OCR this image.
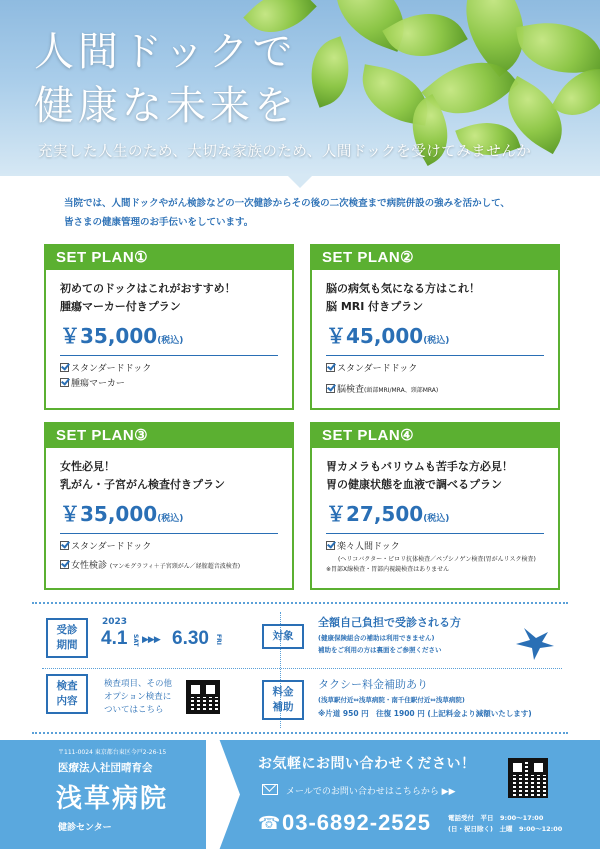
人間ドックで
健康な未来を
充実した人生のため、大切な家族のため、人間ドックを受けてみませんか
当院では、人間ドックやがん検診などの一次健診からその後の二次検査まで病院併設の強みを活かして、
皆さまの健康管理のお手伝いをしています。
SET PLAN①
初めてのドックはこれがおすすめ！
腫瘍マーカー付きプラン
￥35,000(税込)
スタンダードドック
腫瘍マーカー
SET PLAN②
脳の病気も気になる方はこれ！
脳 MRI 付きプラン
￥45,000(税込)
スタンダードドック
脳検査(頭部MRI/MRA、頸部MRA)
SET PLAN③
女性必見！
乳がん・子宮がん検査付きプラン
￥35,000(税込)
スタンダードドック
女性検診 (マンモグラフィ＋子宮頸がん／経膣超音波検査)
SET PLAN④
胃カメラもバリウムも苦手な方必見！
胃の健康状態を血液で調べるプラン
￥27,500(税込)
楽々人間ドック
(ヘリコバクター・ピロリ抗体検査／ペプシノゲン検査(胃がんリスク検査)
※胃部X線検査・胃部内視鏡検査はありません
受診
期間
2023
4.1 SAT ▶▶▶ 6.30 FRI	対象
全額自己負担で受診される方
(健康保険組合の補助は利用できません)
補助をご利用の方は裏面をご参照ください
検査
内容
検査項目、その他
オプション検査に
ついてはこちら
料金
補助
タクシー料金補助あり
(浅草駅付近⇔浅草病院・南千住駅付近⇔浅草病院)
※片道 950 円　往復 1900 円 (上記料金より減額いたします)
〒111-0024 東京都台東区今戸2-26-15
医療法人社団晴育会
浅草病院
健診センター
お気軽にお問い合わせください！
メールでのお問い合わせはこちらから ▶▶
☎ 03-6892-2525	電話受付　平日　9:00〜17:00
(日・祝日除く)　土曜　9:00〜12:00
